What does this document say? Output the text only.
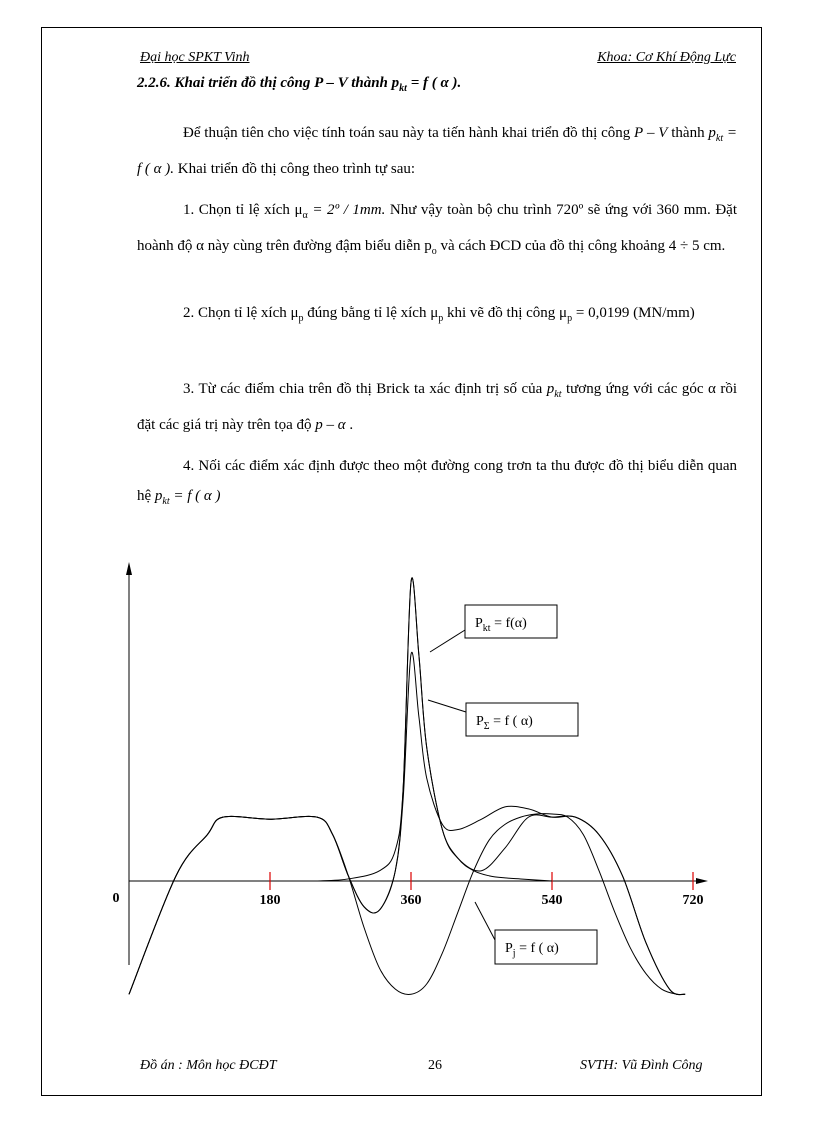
Đại học SPKT Vinh	Khoa: Cơ Khí Động Lực
2.2.6. Khai triển đồ thị công P – V thành $p_{kt} = f$ ( α ).
Để thuận tiên cho việc tính toán sau này ta tiến hành khai triển đồ thị công P – V thành $p_{kt} = f$ ( α ). Khai triển đồ thị công theo trình tự sau:
1. Chọn tỉ lệ xích $\mu_\alpha$ = 2º / 1mm. Như vậy toàn bộ chu trình 720º sẽ ứng với 360 mm. Đặt hoành độ α này cùng trên đường đậm biểu diễn $p_o$ và cách ĐCD của đồ thị công khoảng 4 ÷ 5 cm.
2. Chọn tỉ lệ xích $\mu_p$ đúng bằng tỉ lệ xích $\mu_p$ khi vẽ đồ thị công $\mu_p = 0,0199$ (MN/mm)
3. Từ các điểm chia trên đồ thị Brick ta xác định trị số của $p_{kt}$ tương ứng với các góc α rồi đặt các giá trị này trên tọa độ p – α .
4. Nối các điểm xác định được theo một đường cong trơn ta thu được đồ thị biểu diễn quan hệ $p_{kt} = f$ ( α )
0	180	360	540	720
$P_{kt} = f(\alpha)$
$P_\Sigma = f$ ( α)
$P_j = f$ ( α)
Đồ án : Môn học ĐCĐT	26	SVTH: Vũ Đình Công
